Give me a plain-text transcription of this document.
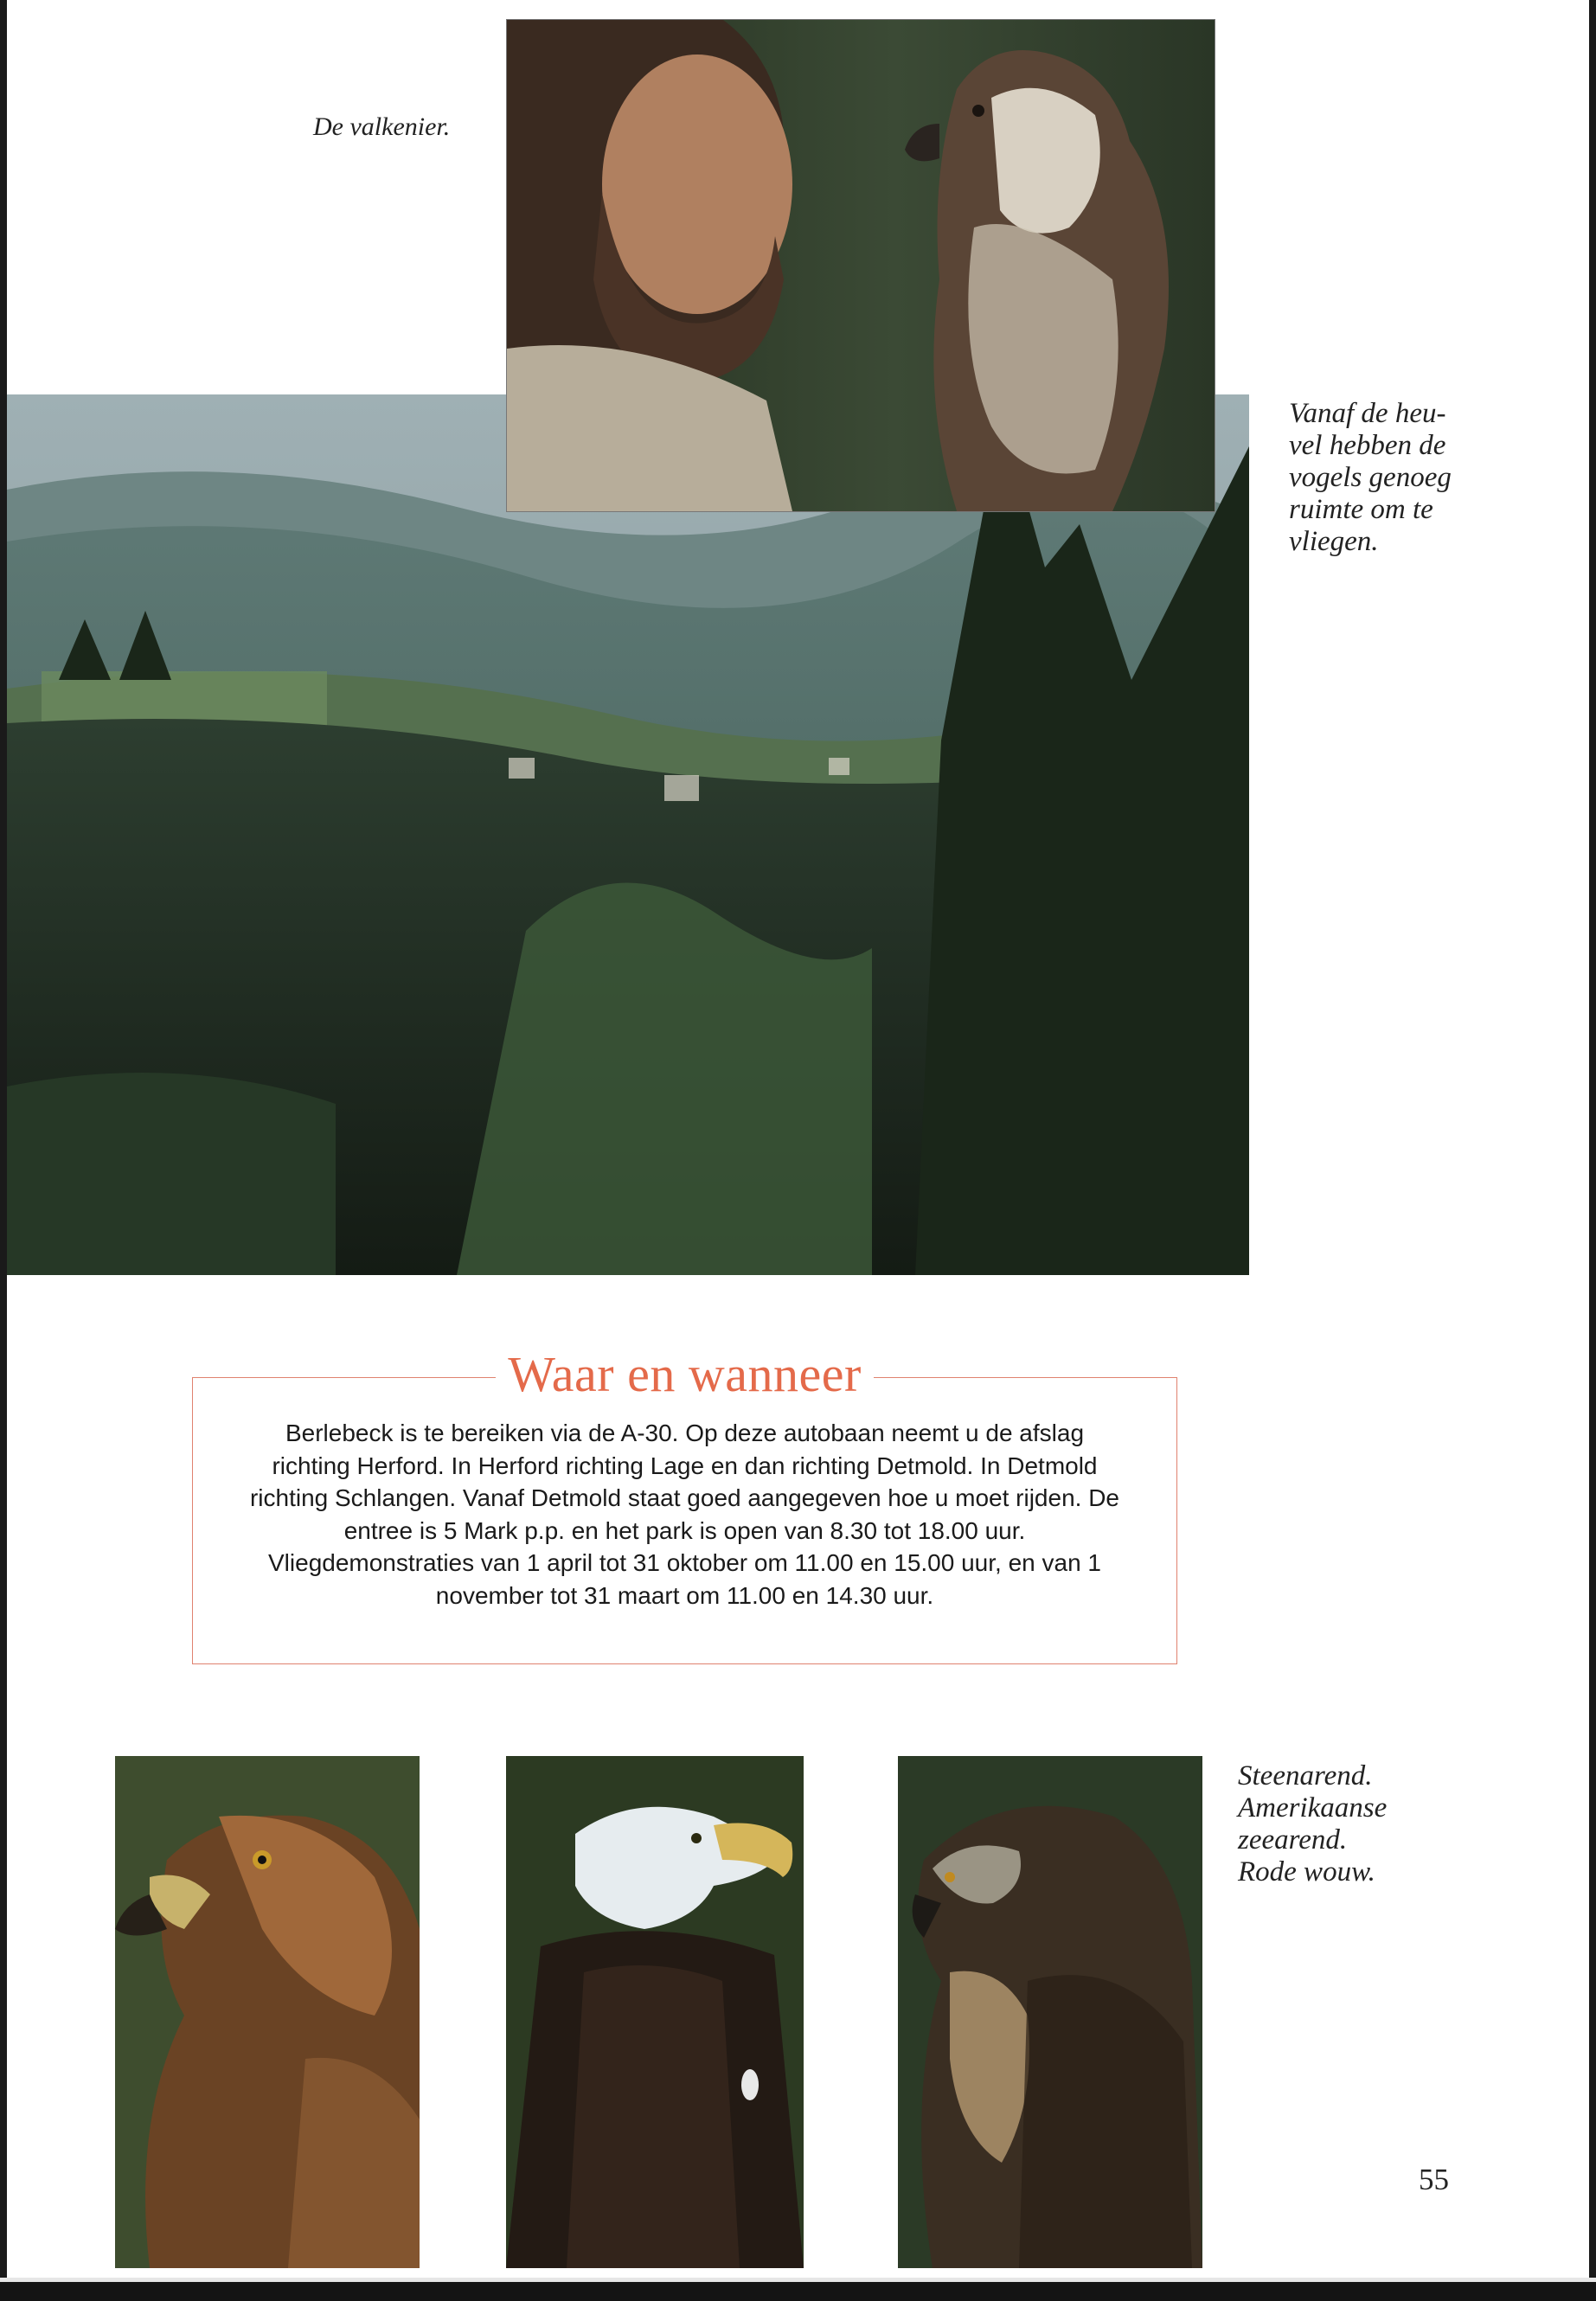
De valkenier.
Vanaf de heu-vel hebben de vogels genoeg ruimte om te vliegen.
Waar en wanneer
Berlebeck is te bereiken via de A-30. Op deze autobaan neemt u de afslag richting Herford. In Herford richting Lage en dan richting Detmold. In Detmold richting Schlangen. Vanaf Detmold staat goed aangegeven hoe u moet rijden. De entree is 5 Mark p.p. en het park is open van 8.30 tot 18.00 uur. Vliegdemonstraties van 1 april tot 31 oktober om 11.00 en 15.00 uur, en van 1 november tot 31 maart om 11.00 en 14.30 uur.
Steenarend.
Amerikaanse zeearend.
Rode wouw.
55
